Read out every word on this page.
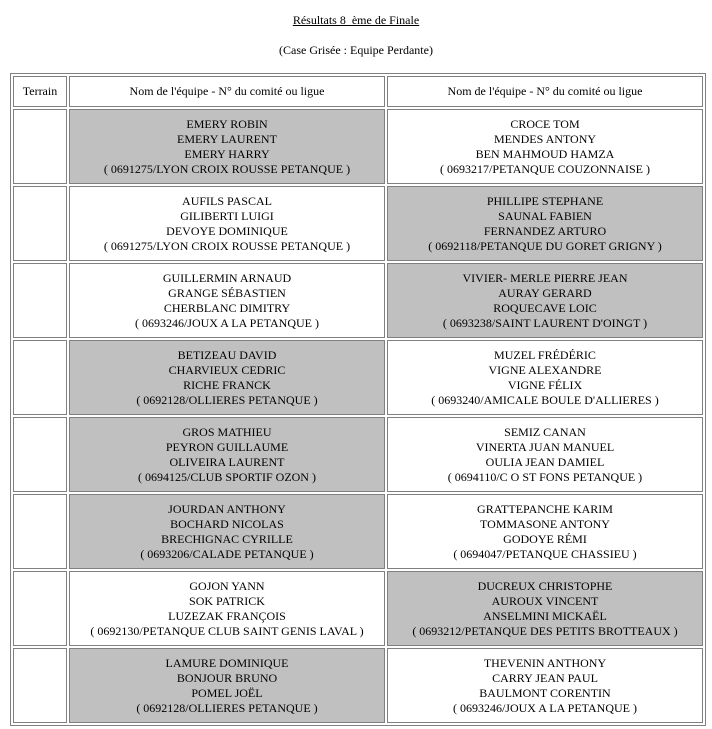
Résultats 8_ème de Finale
(Case Grisée : Equipe Perdante)
Terrain	Nom de l'équipe - N° du comité ou ligue	Nom de l'équipe - N° du comité ou ligue

	EMERY ROBIN
EMERY LAURENT
EMERY HARRY
( 0691275/LYON CROIX ROUSSE PETANQUE )	CROCE TOM
MENDES ANTONY
BEN MAHMOUD HAMZA
( 0693217/PETANQUE COUZONNAISE )

	AUFILS PASCAL
GILIBERTI LUIGI
DEVOYE DOMINIQUE
( 0691275/LYON CROIX ROUSSE PETANQUE )	PHILLIPE STEPHANE
SAUNAL FABIEN
FERNANDEZ ARTURO
( 0692118/PETANQUE DU GORET GRIGNY )

	GUILLERMIN ARNAUD
GRANGE SÉBASTIEN
CHERBLANC DIMITRY
( 0693246/JOUX A LA PETANQUE )	VIVIER- MERLE PIERRE JEAN
AURAY GERARD
ROQUECAVE LOIC
( 0693238/SAINT LAURENT D'OINGT )

	BETIZEAU DAVID
CHARVIEUX CEDRIC
RICHE FRANCK
( 0692128/OLLIERES PETANQUE )	MUZEL FRÉDÉRIC
VIGNE ALEXANDRE
VIGNE FÉLIX
( 0693240/AMICALE BOULE D'ALLIERES )

	GROS MATHIEU
PEYRON GUILLAUME
OLIVEIRA LAURENT
( 0694125/CLUB SPORTIF OZON )	SEMIZ CANAN
VINERTA JUAN MANUEL
OULIA JEAN DAMIEL
( 0694110/C O ST FONS PETANQUE )

	JOURDAN ANTHONY
BOCHARD NICOLAS
BRECHIGNAC CYRILLE
( 0693206/CALADE PETANQUE )	GRATTEPANCHE KARIM
TOMMASONE ANTONY
GODOYE RÉMI
( 0694047/PETANQUE CHASSIEU )

	GOJON YANN
SOK PATRICK
LUZEZAK FRANÇOIS
( 0692130/PETANQUE CLUB SAINT GENIS LAVAL )	DUCREUX CHRISTOPHE
AUROUX VINCENT
ANSELMINI MICKAËL
( 0693212/PETANQUE DES PETITS BROTTEAUX )

	LAMURE DOMINIQUE
BONJOUR BRUNO
POMEL JOËL
( 0692128/OLLIERES PETANQUE )	THEVENIN ANTHONY
CARRY JEAN PAUL
BAULMONT CORENTIN
( 0693246/JOUX A LA PETANQUE )
